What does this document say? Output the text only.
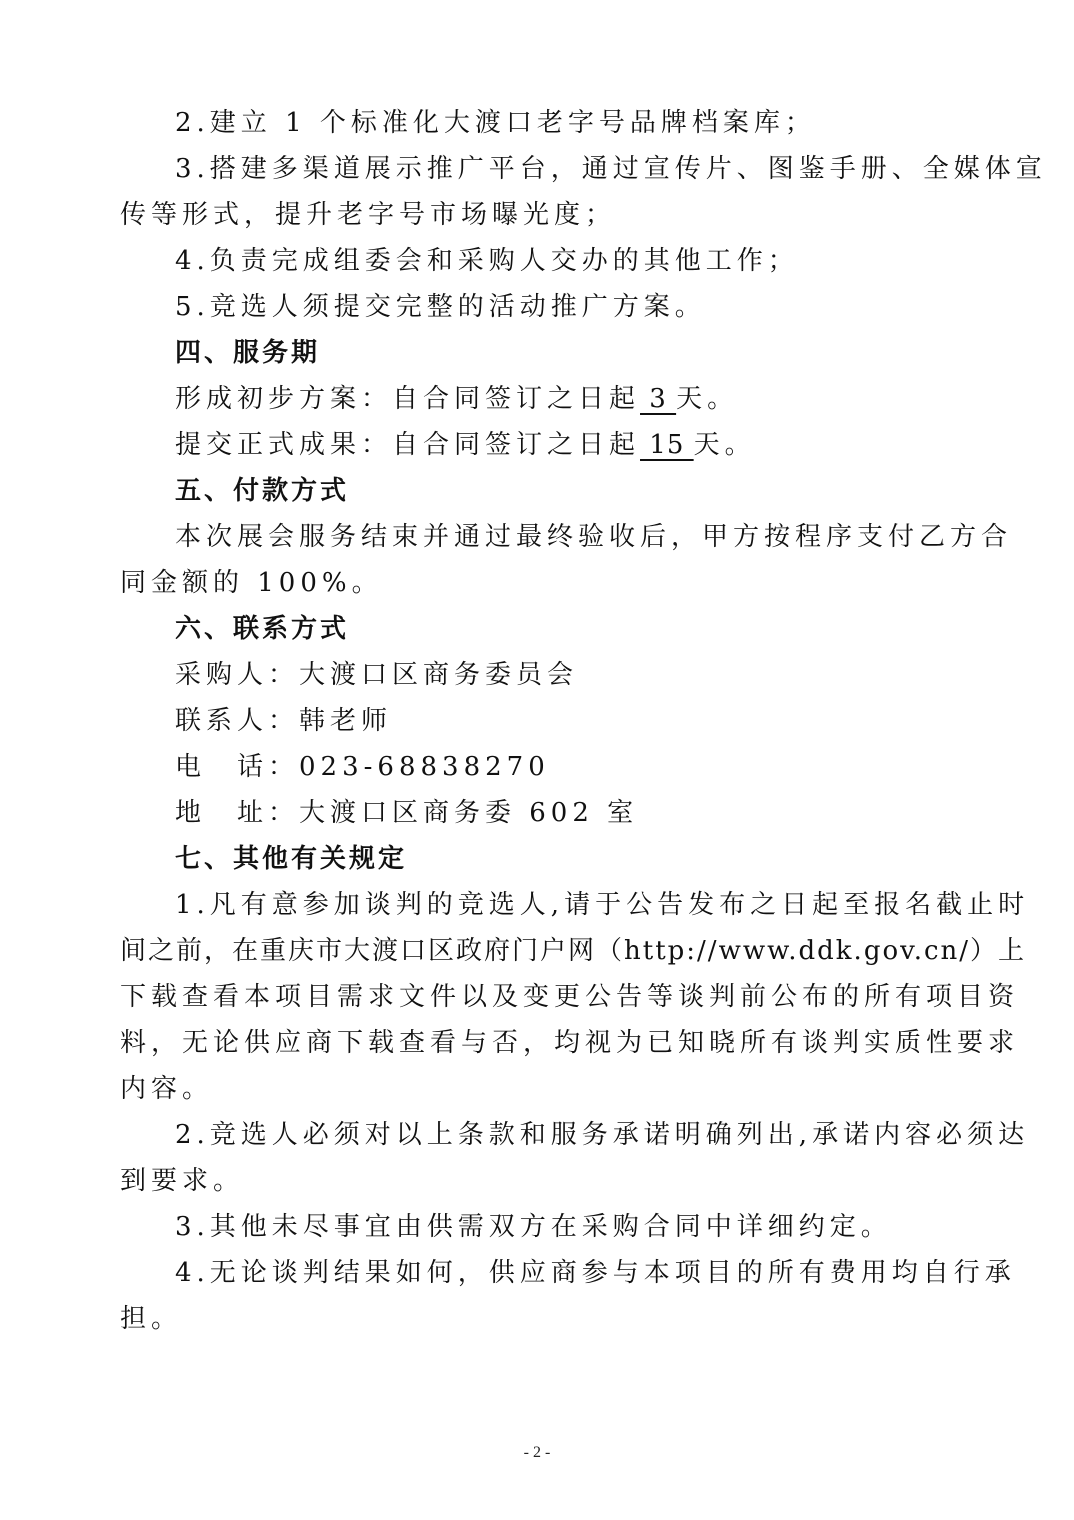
2.建立 1 个标准化大渡口老字号品牌档案库；
3.搭建多渠道展示推广平台，通过宣传片、图鉴手册、全媒体宣
传等形式，提升老字号市场曝光度；
4.负责完成组委会和采购人交办的其他工作；
5.竞选人须提交完整的活动推广方案。
四、服务期
形成初步方案：自合同签订之日起 3 天。
提交正式成果：自合同签订之日起 15 天。
五、付款方式
本次展会服务结束并通过最终验收后，甲方按程序支付乙方合
同金额的 100%。
六、联系方式
采购人：大渡口区商务委员会
联系人：韩老师
电　话：023-68838270
地　址：大渡口区商务委 602 室
七、其他有关规定
1.凡有意参加谈判的竞选人,请于公告发布之日起至报名截止时
间之前，在重庆市大渡口区政府门户网（http://www.ddk.gov.cn/）上
下载查看本项目需求文件以及变更公告等谈判前公布的所有项目资
料，无论供应商下载查看与否，均视为已知晓所有谈判实质性要求
内容。
2.竞选人必须对以上条款和服务承诺明确列出,承诺内容必须达
到要求。
3.其他未尽事宜由供需双方在采购合同中详细约定。
4.无论谈判结果如何，供应商参与本项目的所有费用均自行承
担。
- 2 -
